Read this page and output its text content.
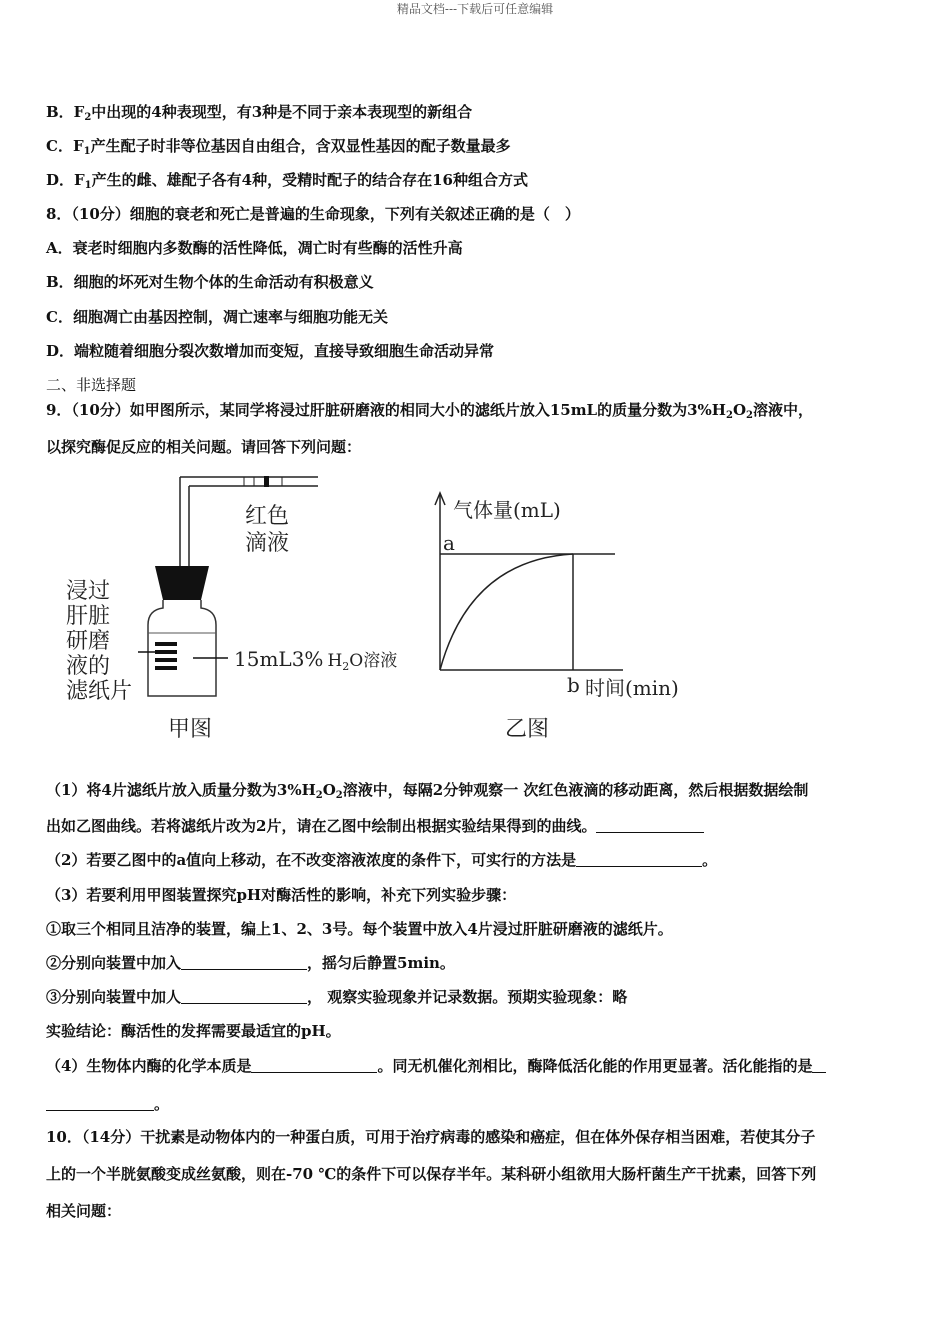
精品文档---下载后可任意编辑
B．$F_2$中出现的4种表现型，有3种是不同于亲本表现型的新组合
C．$F_1$产生配子时非等位基因自由组合，含双显性基因的配子数量最多
D．$F_1$产生的雌、雄配子各有4种，受精时配子的结合存在16种组合方式
8．（10分）细胞的衰老和死亡是普遍的生命现象，下列有关叙述正确的是（　）
A．衰老时细胞内多数酶的活性降低，凋亡时有些酶的活性升高
B．细胞的坏死对生物个体的生命活动有积极意义
C．细胞凋亡由基因控制，凋亡速率与细胞功能无关
D．端粒随着细胞分裂次数增加而变短，直接导致细胞生命活动异常
二、非选择题
9．（10分）如甲图所示，某同学将浸过肝脏研磨液的相同大小的滤纸片放入15mL的质量分数为$3\%H_2O_2$溶液中，
以探究酶促反应的相关问题。请回答下列问题：
红色
滴液
浸过
肝脏
研磨
液的
滤纸片
15mL3% $H_2^{O溶液}$
甲图
气体量(mL)
a
b 时间(min)
乙图
（1）将4片滤纸片放入质量分数为$3\%H_2O_2$溶液中，每隔2分钟观察一 次红色液滴的移动距离，然后根据数据绘制
出如乙图曲线。若将滤纸片改为2片，请在乙图中绘制出根据实验结果得到的曲线。
（2）若要乙图中的a值向上移动，在不改变溶液浓度的条件下，可实行的方法是	。
（3）若要利用甲图装置探究pH对酶活性的影响，补充下列实验步骤：
①取三个相同且洁净的装置，编上1、2、3号。每个装置中放入4片浸过肝脏研磨液的滤纸片。
②分别向装置中加入	，摇匀后静置5min。
③分别向装置中加人	， 观察实验现象并记录数据。预期实验现象：略
实验结论：酶活性的发挥需要最适宜的pH。
（4）生物体内酶的化学本质是	。同无机催化剂相比，酶降低活化能的作用更显著。活化能指的是
。
10．（14分）干扰素是动物体内的一种蛋白质，可用于治疗病毒的感染和癌症，但在体外保存相当困难，若使其分子
上的一个半胱氨酸变成丝氨酸，则在-70 ℃的条件下可以保存半年。某科研小组欲用大肠杆菌生产干扰素，回答下列
相关问题：
